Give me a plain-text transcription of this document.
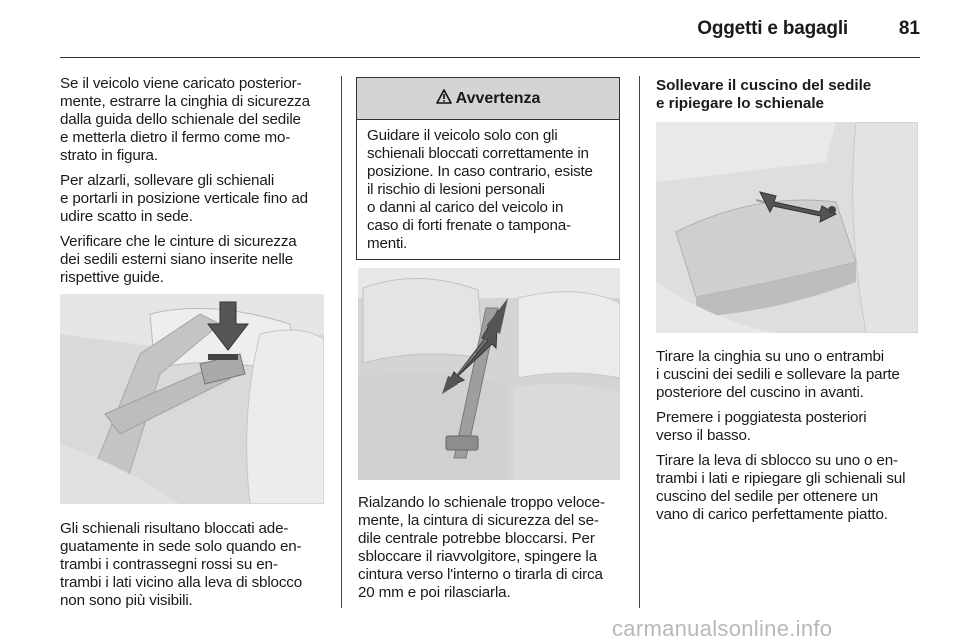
Oggetti e bagagli	81

Se il veicolo viene caricato posterior-
mente, estrarre la cinghia di sicurezza
dalla guida dello schienale del sedile
e metterla dietro il fermo come mo-
strato in figura.

Per alzarli, sollevare gli schienali
e portarli in posizione verticale fino ad
udire scatto in sede.

Verificare che le cinture di sicurezza
dei sedili esterni siano inserite nelle
rispettive guide.

Gli schienali risultano bloccati ade-
guatamente in sede solo quando en-
trambi i contrassegni rossi su en-
trambi i lati vicino alla leva di sblocco
non sono più visibili.

Avvertenza
Guidare il veicolo solo con gli
schienali bloccati correttamente in
posizione. In caso contrario, esiste
il rischio di lesioni personali
o danni al carico del veicolo in
caso di forti frenate o tampona-
menti.

Rialzando lo schienale troppo veloce-
mente, la cintura di sicurezza del se-
dile centrale potrebbe bloccarsi. Per
sbloccare il riavvolgitore, spingere la
cintura verso l'interno o tirarla di circa
20 mm e poi rilasciarla.

Sollevare il cuscino del sedile
e ripiegare lo schienale

Tirare la cinghia su uno o entrambi
i cuscini dei sedili e sollevare la parte
posteriore del cuscino in avanti.

Premere i poggiatesta posteriori
verso il basso.

Tirare la leva di sblocco su uno o en-
trambi i lati e ripiegare gli schienali sul
cuscino del sedile per ottenere un
vano di carico perfettamente piatto.

carmanualsonline.info
